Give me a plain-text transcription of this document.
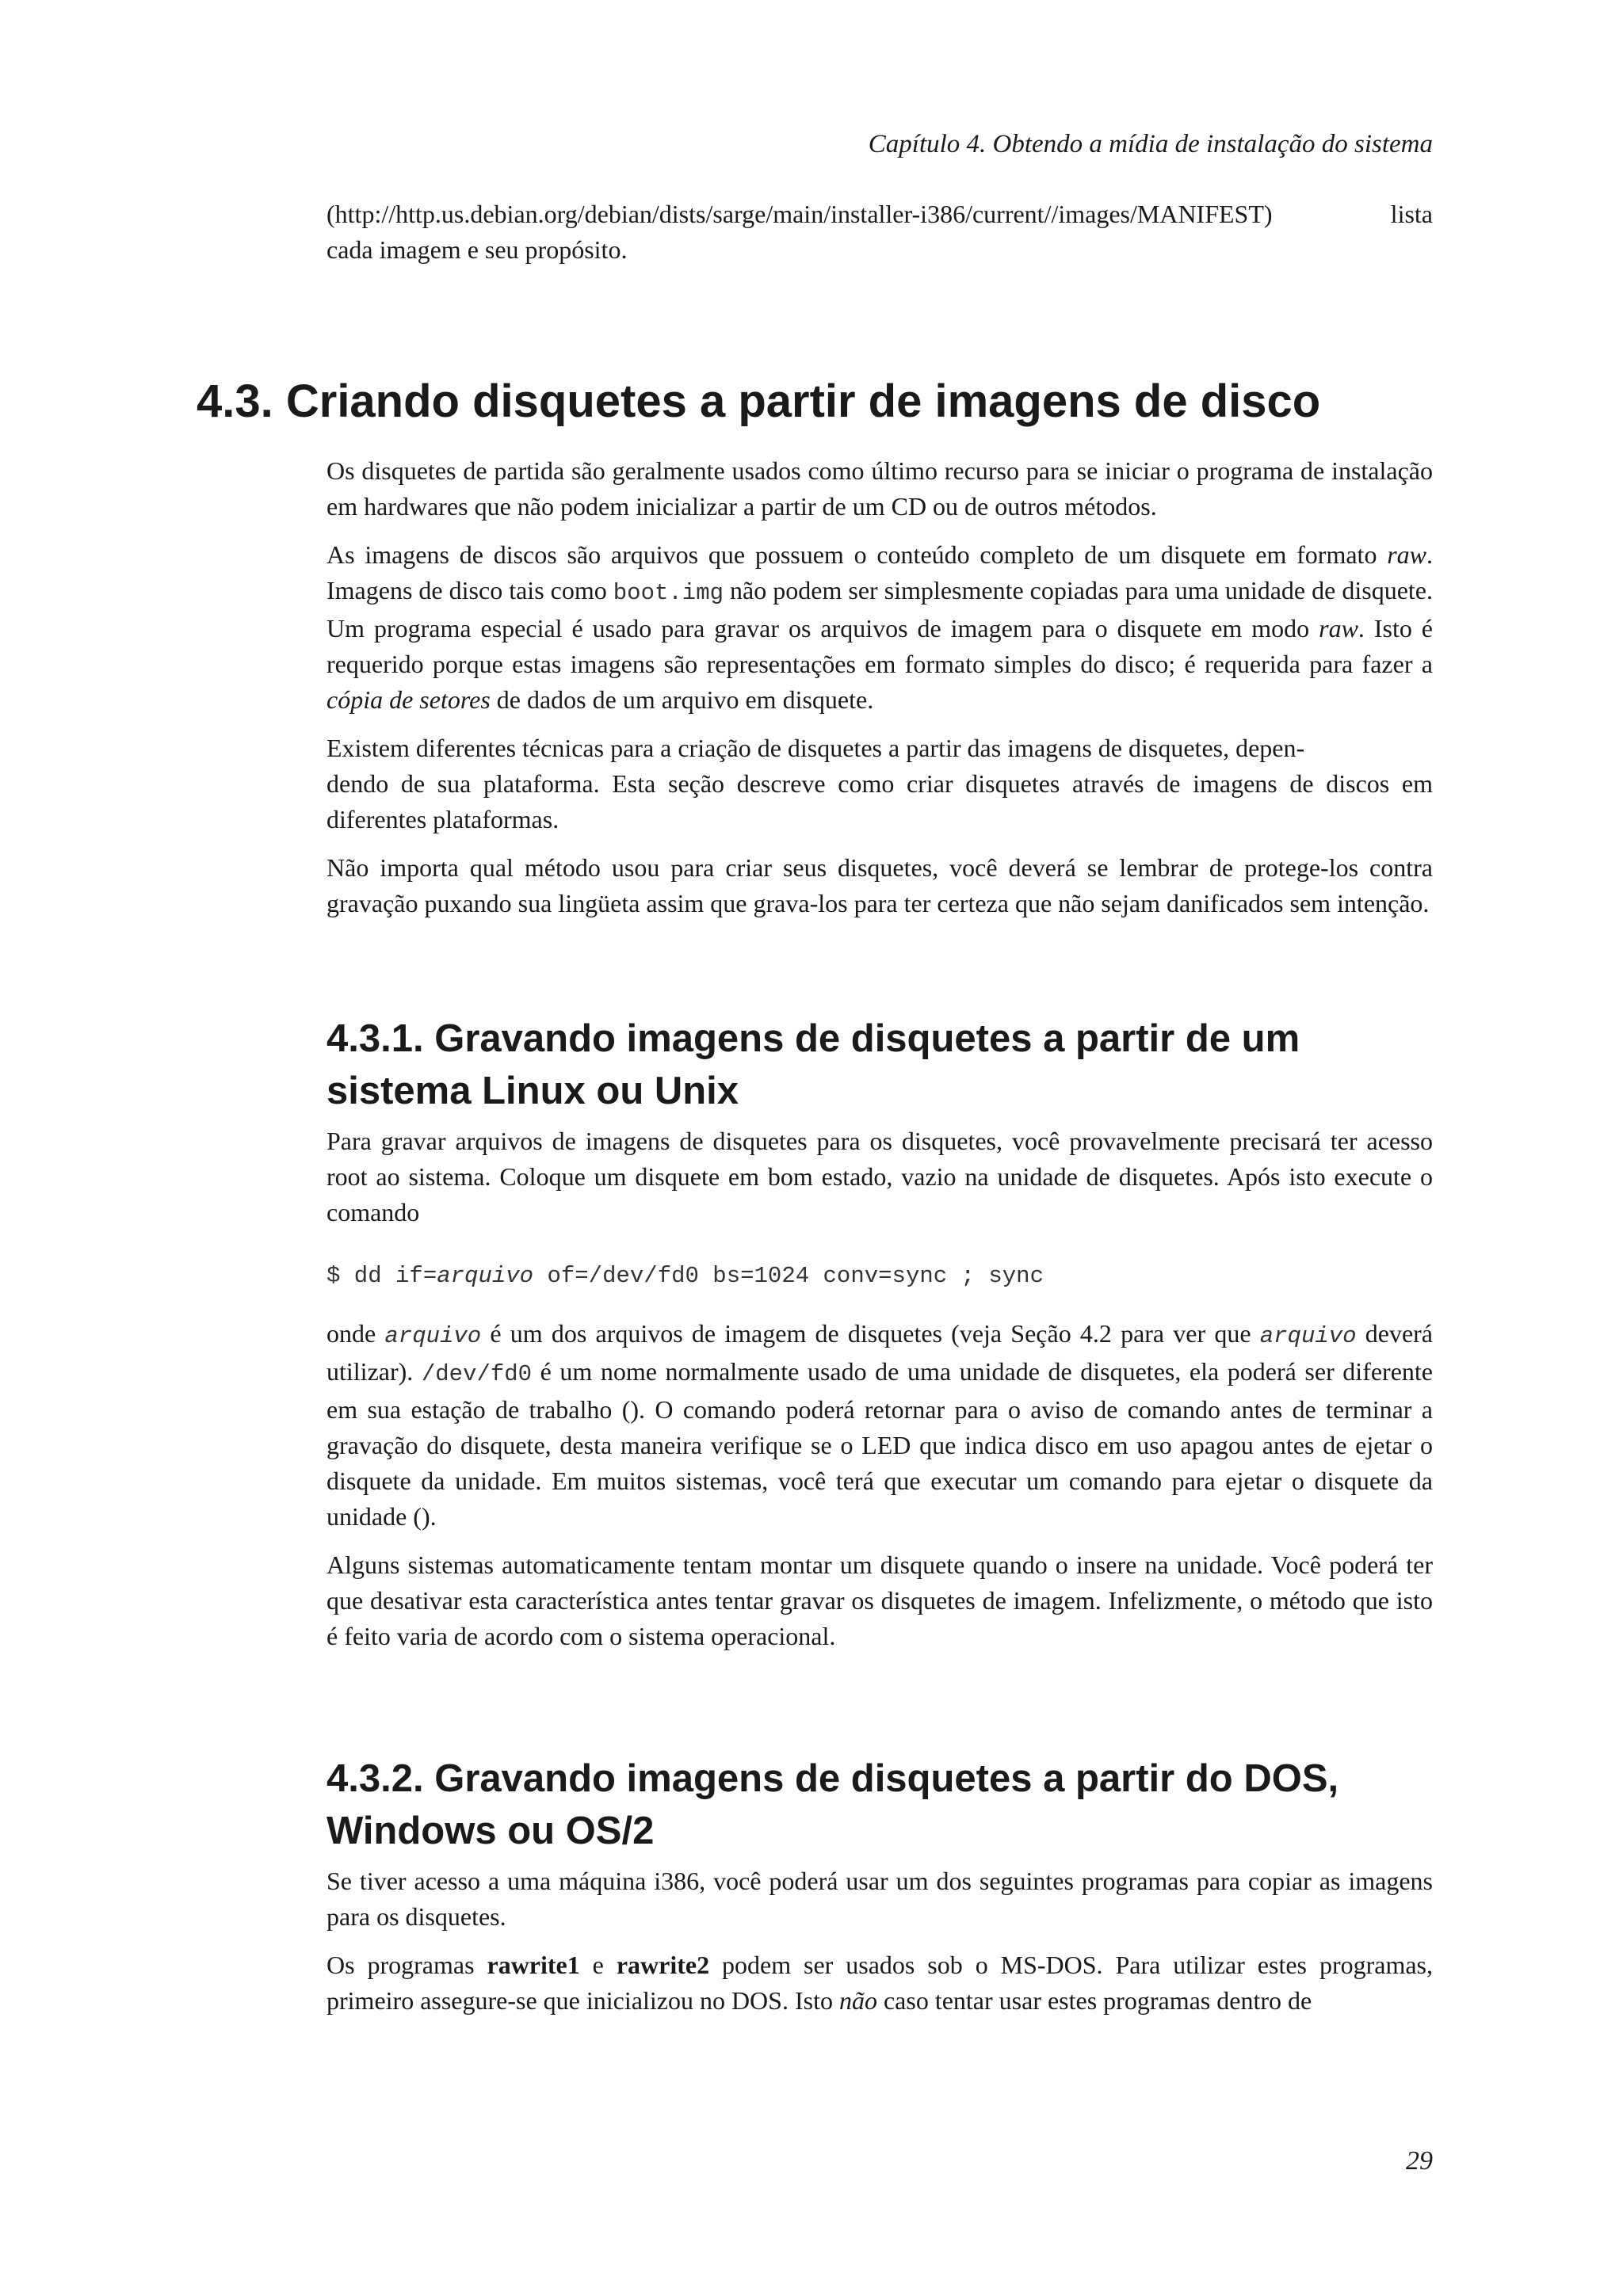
Capítulo 4. Obtendo a mídia de instalação do sistema
(http://http.us.debian.org/debian/dists/sarge/main/installer-i386/current//images/MANIFEST)	lista
cada imagem e seu propósito.
4.3. Criando disquetes a partir de imagens de disco

Os disquetes de partida são geralmente usados como último recurso para se iniciar o programa de instalação em hardwares que não podem inicializar a partir de um CD ou de outros métodos.

As imagens de discos são arquivos que possuem o conteúdo completo de um disquete em formato raw. Imagens de disco tais como boot.img não podem ser simplesmente copiadas para uma unidade de disquete. Um programa especial é usado para gravar os arquivos de imagem para o disquete em modo raw. Isto é requerido porque estas imagens são representações em formato simples do disco; é requerida para fazer a cópia de setores de dados de um arquivo em disquete.

Existem diferentes técnicas para a criação de disquetes a partir das imagens de disquetes, depen-
dendo de sua plataforma. Esta seção descreve como criar disquetes através de imagens de discos em diferentes plataformas.

Não importa qual método usou para criar seus disquetes, você deverá se lembrar de protege-los contra gravação puxando sua lingüeta assim que grava-los para ter certeza que não sejam danificados sem intenção.

4.3.1. Gravando imagens de disquetes a partir de um
sistema Linux ou Unix

Para gravar arquivos de imagens de disquetes para os disquetes, você provavelmente precisará ter acesso root ao sistema. Coloque um disquete em bom estado, vazio na unidade de disquetes. Após isto execute o comando

$ dd if=arquivo of=/dev/fd0 bs=1024 conv=sync ; sync

onde arquivo é um dos arquivos de imagem de disquetes (veja Seção 4.2 para ver que arquivo deverá utilizar). /dev/fd0 é um nome normalmente usado de uma unidade de disquetes, ela poderá ser diferente em sua estação de trabalho (). O comando poderá retornar para o aviso de comando antes de terminar a gravação do disquete, desta maneira verifique se o LED que indica disco em uso apagou antes de ejetar o disquete da unidade. Em muitos sistemas, você terá que executar um comando para ejetar o disquete da unidade ().

Alguns sistemas automaticamente tentam montar um disquete quando o insere na unidade. Você poderá ter que desativar esta característica antes tentar gravar os disquetes de imagem. Infelizmente, o método que isto é feito varia de acordo com o sistema operacional.

4.3.2. Gravando imagens de disquetes a partir do DOS,
Windows ou OS/2

Se tiver acesso a uma máquina i386, você poderá usar um dos seguintes programas para copiar as imagens para os disquetes.

Os programas rawrite1 e rawrite2 podem ser usados sob o MS-DOS. Para utilizar estes programas, primeiro assegure-se que inicializou no DOS. Isto não caso tentar usar estes programas dentro de

29
